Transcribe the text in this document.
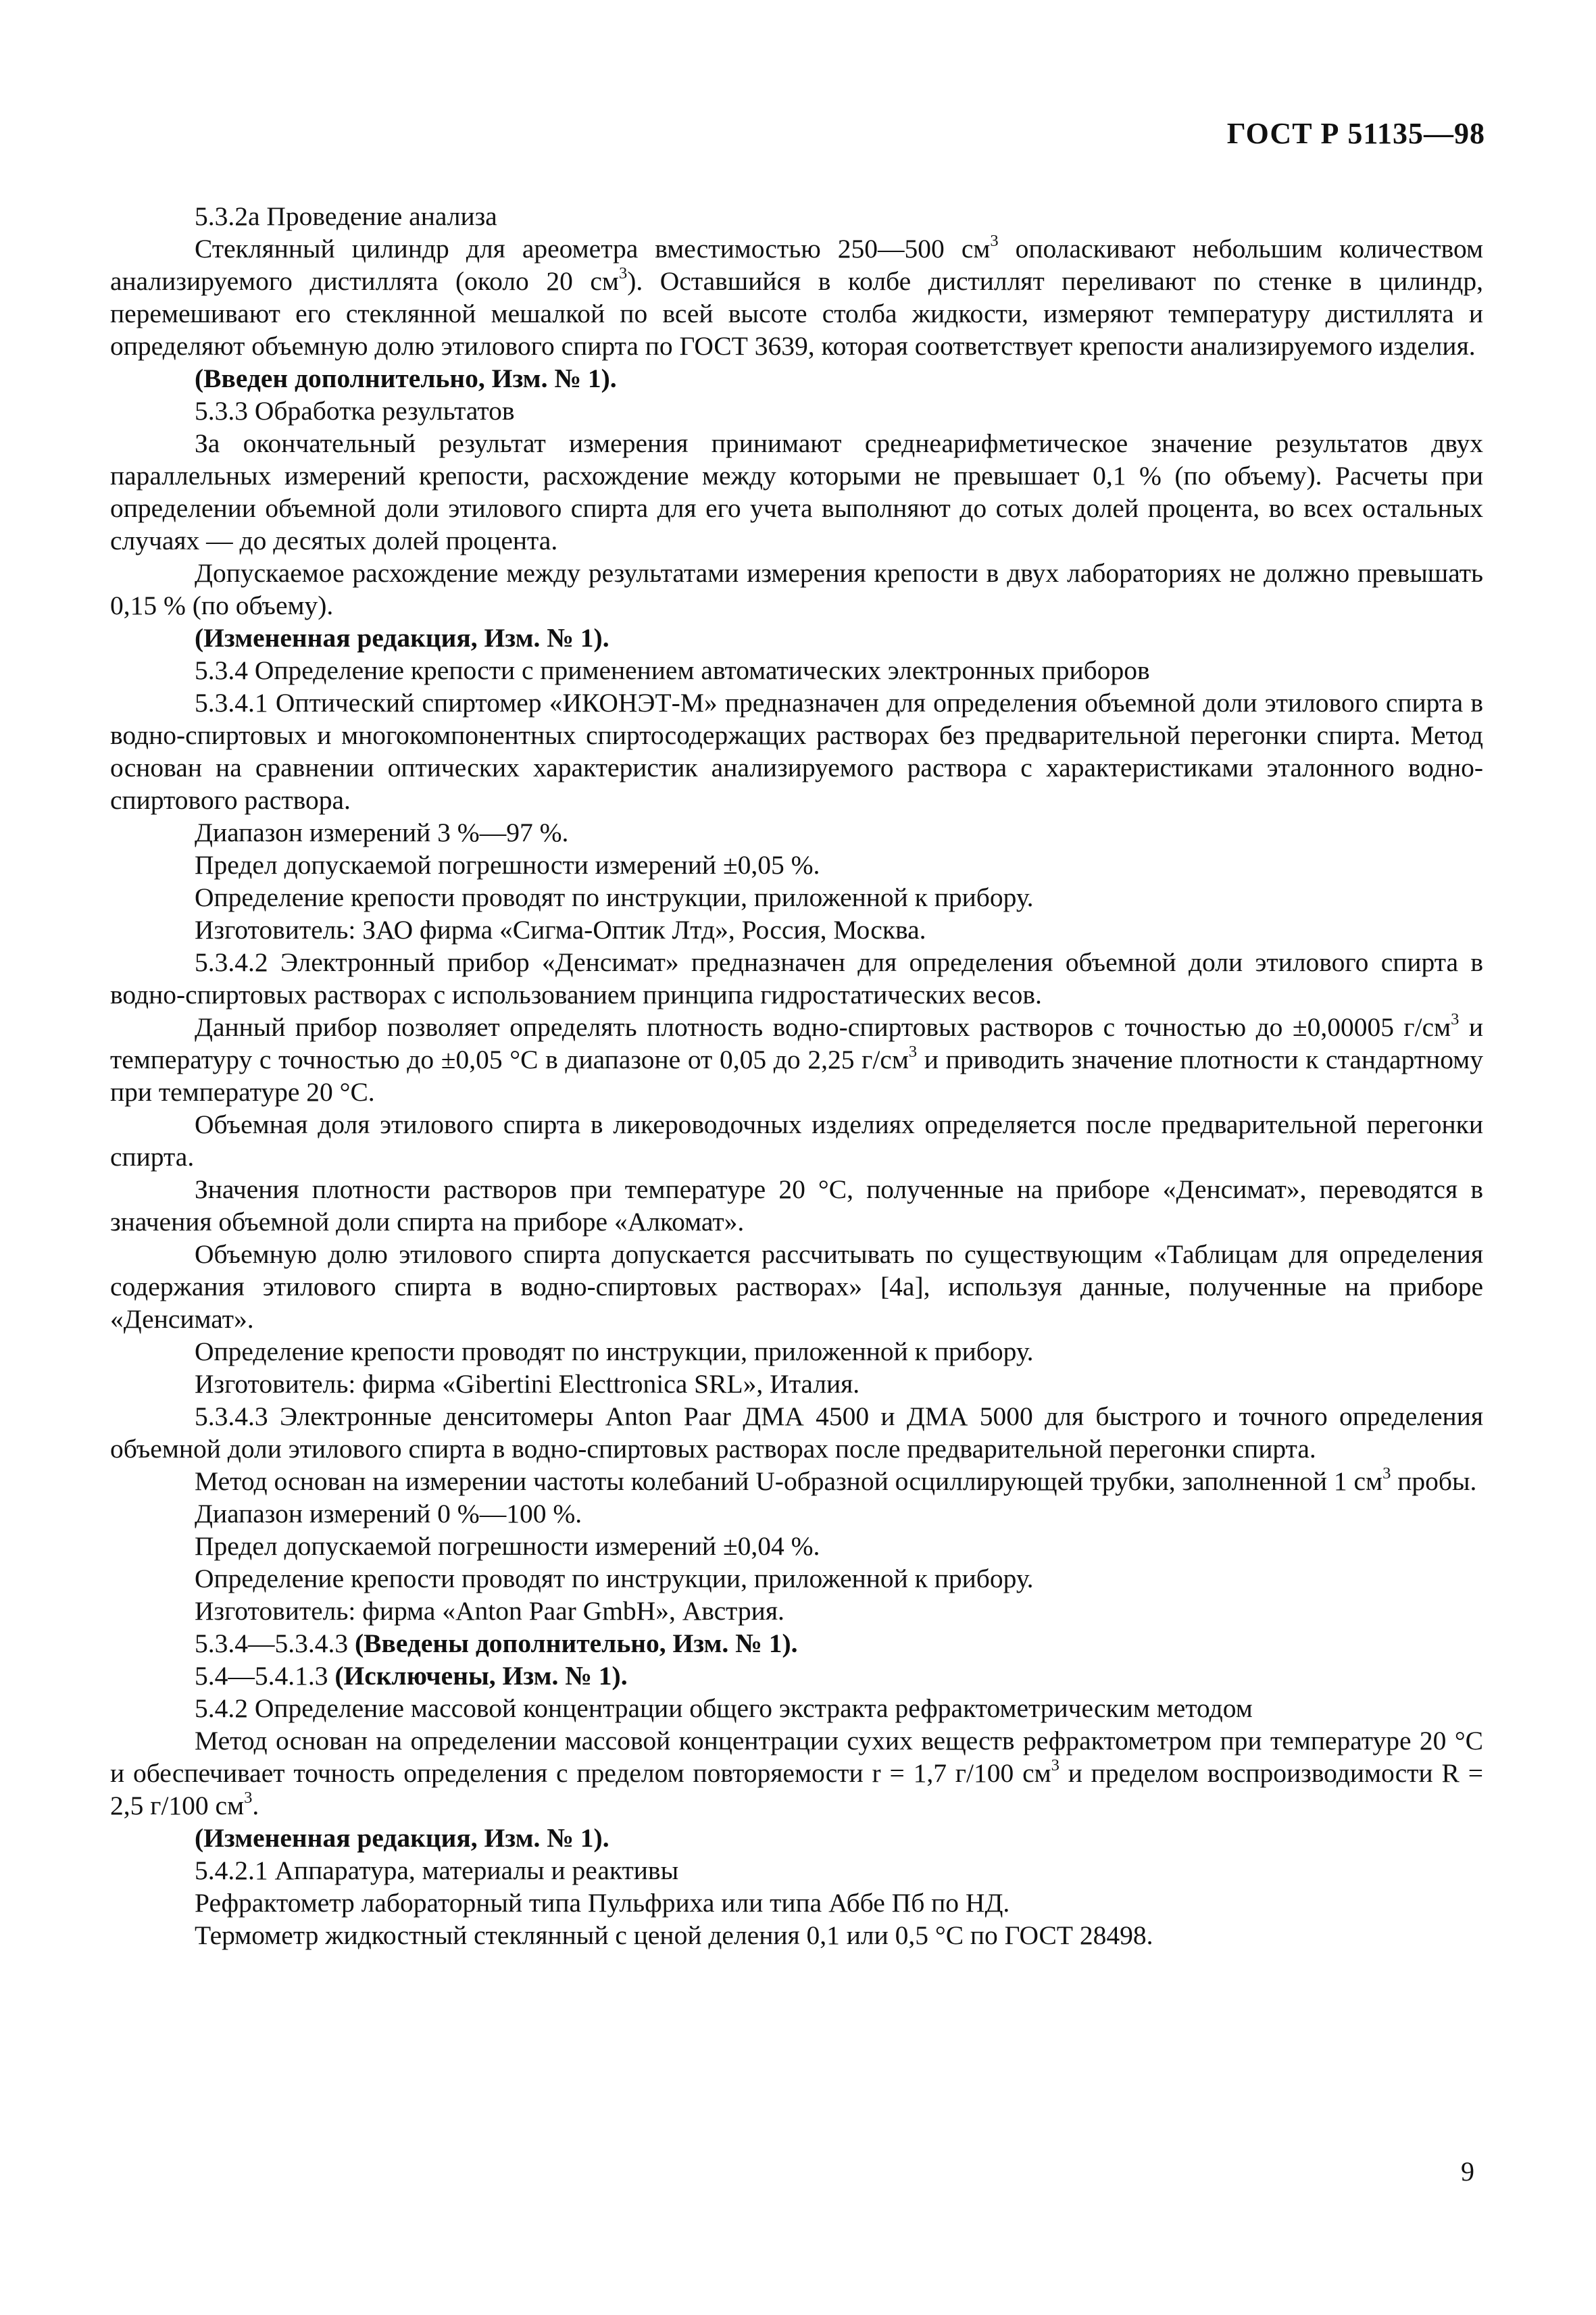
ГОСТ Р 51135—98

5.3.2а Проведение анализа

Стеклянный цилиндр для ареометра вместимостью 250—500 $см^3$ ополаскивают небольшим количеством анализируемого дистиллята (около 20 $см^3$). Оставшийся в колбе дистиллят переливают по стенке в цилиндр, перемешивают его стеклянной мешалкой по всей высоте столба жидкости, измеряют температуру дистиллята и определяют объемную долю этилового спирта по ГОСТ 3639, которая соответствует крепости анализируемого изделия.

(Введен дополнительно, Изм. № 1).

5.3.3 Обработка результатов

За окончательный результат измерения принимают среднеарифметическое значение результатов двух параллельных измерений крепости, расхождение между которыми не превышает 0,1 % (по объему). Расчеты при определении объемной доли этилового спирта для его учета выполняют до сотых долей процента, во всех остальных случаях — до десятых долей процента.

Допускаемое расхождение между результатами измерения крепости в двух лабораториях не должно превышать 0,15 % (по объему).

(Измененная редакция, Изм. № 1).

5.3.4 Определение крепости с применением автоматических электронных приборов

5.3.4.1 Оптический спиртомер «ИКОНЭТ-М» предназначен для определения объемной доли этилового спирта в водно-спиртовых и многокомпонентных спиртосодержащих растворах без предварительной перегонки спирта. Метод основан на сравнении оптических характеристик анализируемого раствора с характеристиками эталонного водно-спиртового раствора.

Диапазон измерений 3 %—97 %.

Предел допускаемой погрешности измерений ±0,05 %.

Определение крепости проводят по инструкции, приложенной к прибору.

Изготовитель: ЗАО фирма «Сигма-Оптик Лтд», Россия, Москва.

5.3.4.2 Электронный прибор «Денсимат» предназначен для определения объемной доли этилового спирта в водно-спиртовых растворах с использованием принципа гидростатических весов.

Данный прибор позволяет определять плотность водно-спиртовых растворов с точностью до ±0,00005 $г/см^3$ и температуру с точностью до ±0,05 °С в диапазоне от 0,05 до 2,25 $г/см^3$ и приводить значение плотности к стандартному при температуре 20 °С.

Объемная доля этилового спирта в ликероводочных изделиях определяется после предварительной перегонки спирта.

Значения плотности растворов при температуре 20 °С, полученные на приборе «Денсимат», переводятся в значения объемной доли спирта на приборе «Алкомат».

Объемную долю этилового спирта допускается рассчитывать по существующим «Таблицам для определения содержания этилового спирта в водно-спиртовых растворах» [4а], используя данные, полученные на приборе «Денсимат».

Определение крепости проводят по инструкции, приложенной к прибору.

Изготовитель: фирма «Gibertini Electtronica SRL», Италия.

5.3.4.3 Электронные денситомеры Anton Paar ДМА 4500 и ДМА 5000 для быстрого и точного определения объемной доли этилового спирта в водно-спиртовых растворах после предварительной перегонки спирта.

Метод основан на измерении частоты колебаний U-образной осциллирующей трубки, заполненной 1 $см^3$ пробы.

Диапазон измерений 0 %—100 %.

Предел допускаемой погрешности измерений ±0,04 %.

Определение крепости проводят по инструкции, приложенной к прибору.

Изготовитель: фирма «Anton Paar GmbH», Австрия.

5.3.4—5.3.4.3 (Введены дополнительно, Изм. № 1).

5.4—5.4.1.3 (Исключены, Изм. № 1).

5.4.2 Определение массовой концентрации общего экстракта рефрактометрическим методом

Метод основан на определении массовой концентрации сухих веществ рефрактометром при температуре 20 °С и обеспечивает точность определения с пределом повторяемости r = 1,7 г/100 $см^3$ и пределом воспроизводимости R = 2,5 г/100 $см^3$.

(Измененная редакция, Изм. № 1).

5.4.2.1 Аппаратура, материалы и реактивы

Рефрактометр лабораторный типа Пульфриха или типа Аббе Пб по НД.

Термометр жидкостный стеклянный с ценой деления 0,1 или 0,5 °С по ГОСТ 28498.

9
